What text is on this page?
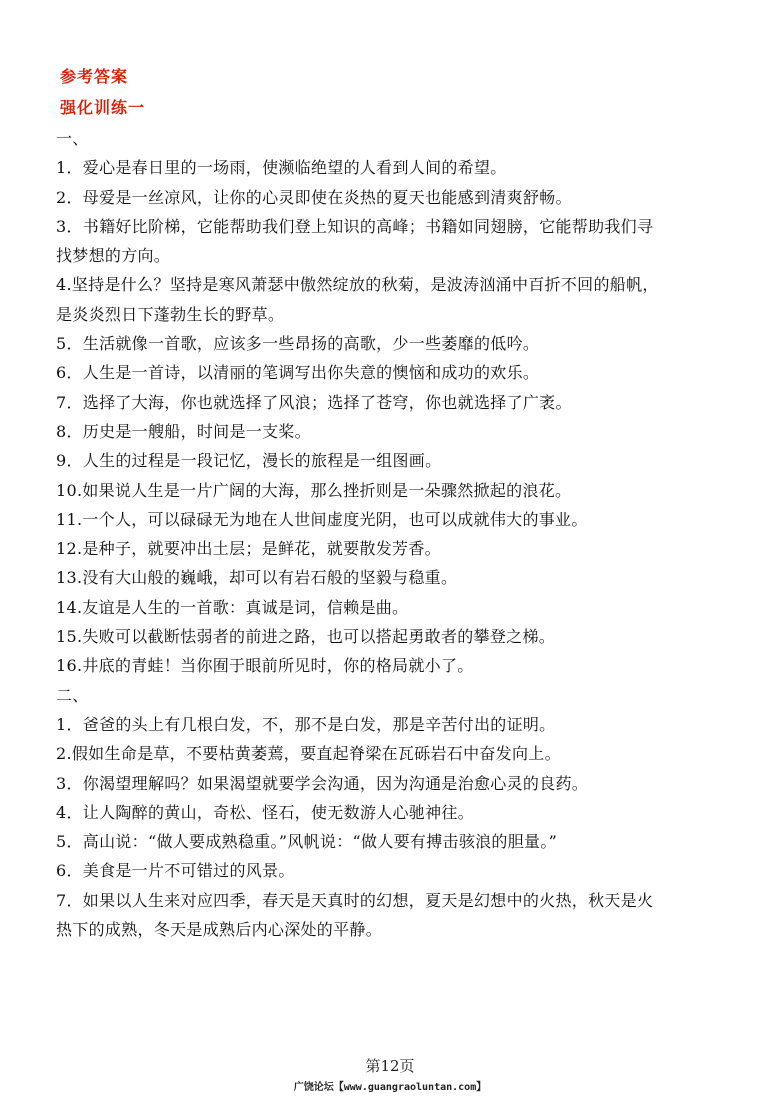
参考答案
强化训练一
一、
1．爱心是春日里的一场雨，使濒临绝望的人看到人间的希望。
2．母爱是一丝凉风，让你的心灵即使在炎热的夏天也能感到清爽舒畅。
3．书籍好比阶梯，它能帮助我们登上知识的高峰；书籍如同翅膀，它能帮助我们寻
找梦想的方向。
4.坚持是什么？坚持是寒风萧瑟中傲然绽放的秋菊，是波涛汹涌中百折不回的船帆，
是炎炎烈日下蓬勃生长的野草。
5．生活就像一首歌，应该多一些昂扬的高歌，少一些萎靡的低吟。
6．人生是一首诗，以清丽的笔调写出你失意的懊恼和成功的欢乐。
7．选择了大海，你也就选择了风浪；选择了苍穹，你也就选择了广袤。
8．历史是一艘船，时间是一支桨。
9．人生的过程是一段记忆，漫长的旅程是一组图画。
10.如果说人生是一片广阔的大海，那么挫折则是一朵骤然掀起的浪花。
11.一个人，可以碌碌无为地在人世间虚度光阴，也可以成就伟大的事业。
12.是种子，就要冲出土层；是鲜花，就要散发芳香。
13.没有大山般的巍峨，却可以有岩石般的坚毅与稳重。
14.友谊是人生的一首歌：真诚是词，信赖是曲。
15.失败可以截断怯弱者的前进之路，也可以搭起勇敢者的攀登之梯。
16.井底的青蛙！当你囿于眼前所见时，你的格局就小了。
二、
1．爸爸的头上有几根白发，不，那不是白发，那是辛苦付出的证明。
2.假如生命是草，不要枯黄萎蔫，要直起脊梁在瓦砾岩石中奋发向上。
3．你渴望理解吗？如果渴望就要学会沟通，因为沟通是治愈心灵的良药。
4．让人陶醉的黄山，奇松、怪石，使无数游人心驰神往。
5．高山说：“做人要成熟稳重。”风帆说：“做人要有搏击骇浪的胆量。”
6．美食是一片不可错过的风景。
7．如果以人生来对应四季，春天是天真时的幻想，夏天是幻想中的火热，秋天是火
热下的成熟，冬天是成熟后内心深处的平静。
第12页
广饶论坛【www.guangraoluntan.com】
